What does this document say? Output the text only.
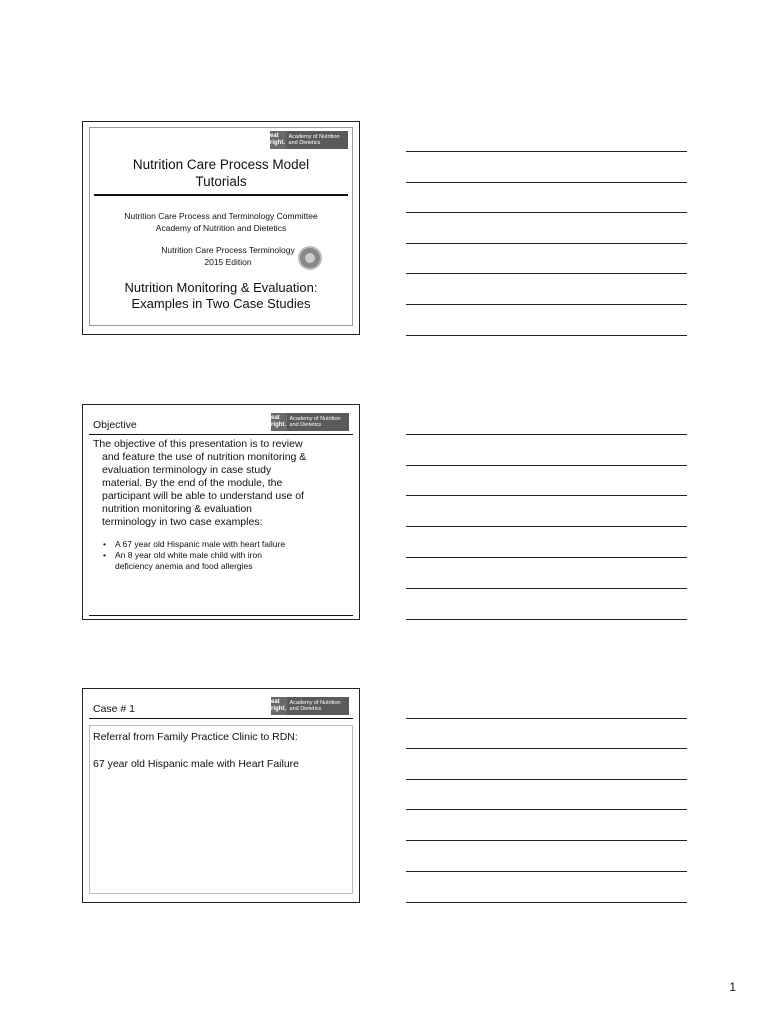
eat right.
Academy of Nutrition and Dietetics
Nutrition Care Process Model
Tutorials
Nutrition Care Process and Terminology Committee
Academy of Nutrition and Dietetics
Nutrition Care Process Terminology
2015 Edition
Nutrition Monitoring & Evaluation:
Examples in Two Case Studies
eat right.
Academy of Nutrition and Dietetics
Objective
The objective of this presentation is to review
and feature the use of nutrition monitoring &
evaluation terminology in case study
material. By the end of the module, the
participant will be able to understand use of
nutrition monitoring & evaluation
terminology in two case examples:
• A 67 year old Hispanic male with heart failure
• An 8 year old white male child with iron
deficiency anemia and food allergies
eat right.
Academy of Nutrition and Dietetics
Case # 1

Referral from Family Practice Clinic to RDN:

67 year old Hispanic male with Heart Failure

1
